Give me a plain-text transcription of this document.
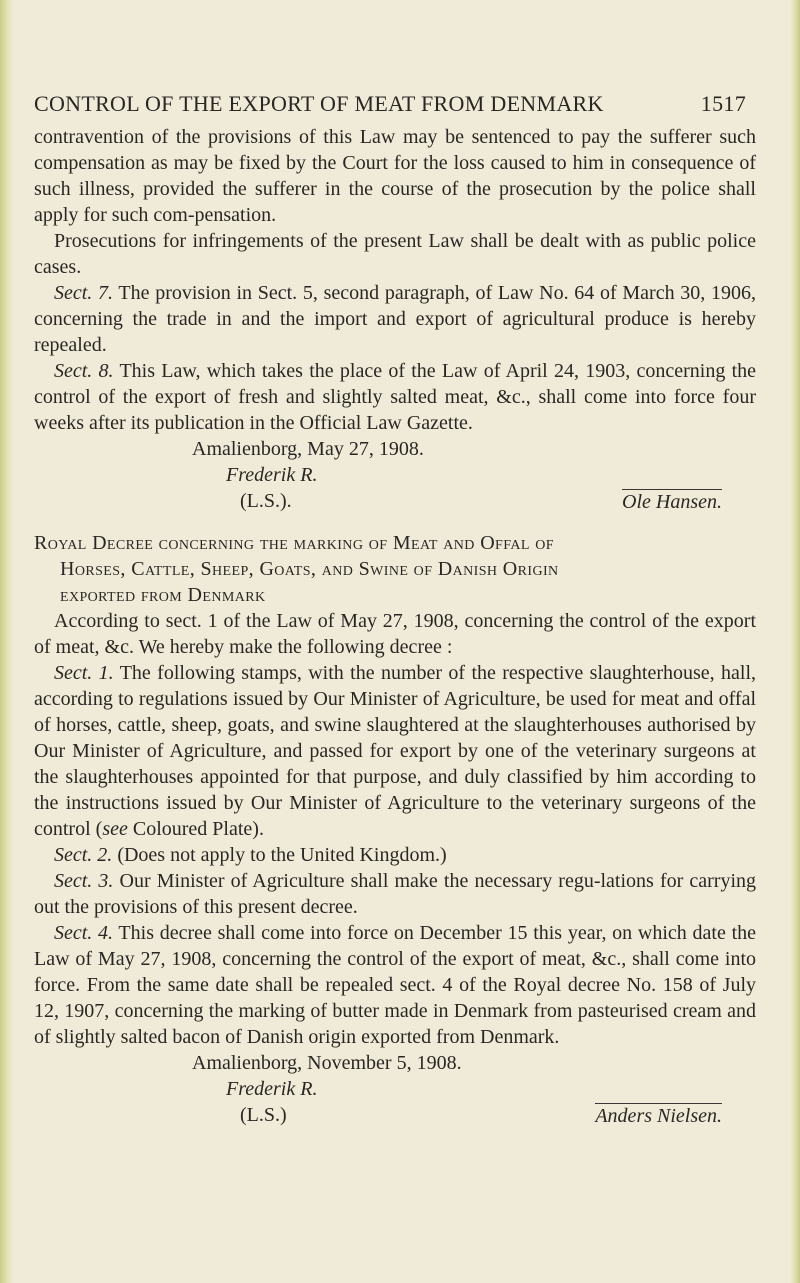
CONTROL OF THE EXPORT OF MEAT FROM DENMARK	1517

contravention of the provisions of this Law may be sentenced to pay the sufferer such compensation as may be fixed by the Court for the loss caused to him in consequence of such illness, provided the sufferer in the course of the prosecution by the police shall apply for such com-pensation.

Prosecutions for infringements of the present Law shall be dealt with as public police cases.

Sect. 7. The provision in Sect. 5, second paragraph, of Law No. 64 of March 30, 1906, concerning the trade in and the import and export of agricultural produce is hereby repealed.

Sect. 8. This Law, which takes the place of the Law of April 24, 1903, concerning the control of the export of fresh and slightly salted meat, &c., shall come into force four weeks after its publication in the Official Law Gazette.

Amalienborg, May 27, 1908.

Frederik R.

(L.S.).	Ole Hansen.

Royal Decree concerning the marking of Meat and Offal of
Horses, Cattle, Sheep, Goats, and Swine of Danish Origin
exported from Denmark

According to sect. 1 of the Law of May 27, 1908, concerning the control of the export of meat, &c. We hereby make the following decree :

Sect. 1. The following stamps, with the number of the respective slaughterhouse, hall, according to regulations issued by Our Minister of Agriculture, be used for meat and offal of horses, cattle, sheep, goats, and swine slaughtered at the slaughterhouses authorised by Our Minister of Agriculture, and passed for export by one of the veterinary surgeons at the slaughterhouses appointed for that purpose, and duly classified by him according to the instructions issued by Our Minister of Agriculture to the veterinary surgeons of the control (see Coloured Plate).

Sect. 2. (Does not apply to the United Kingdom.)

Sect. 3. Our Minister of Agriculture shall make the necessary regu-lations for carrying out the provisions of this present decree.

Sect. 4. This decree shall come into force on December 15 this year, on which date the Law of May 27, 1908, concerning the control of the export of meat, &c., shall come into force. From the same date shall be repealed sect. 4 of the Royal decree No. 158 of July 12, 1907, concerning the marking of butter made in Denmark from pasteurised cream and of slightly salted bacon of Danish origin exported from Denmark.

Amalienborg, November 5, 1908.

Frederik R.

(L.S.)	Anders Nielsen.
